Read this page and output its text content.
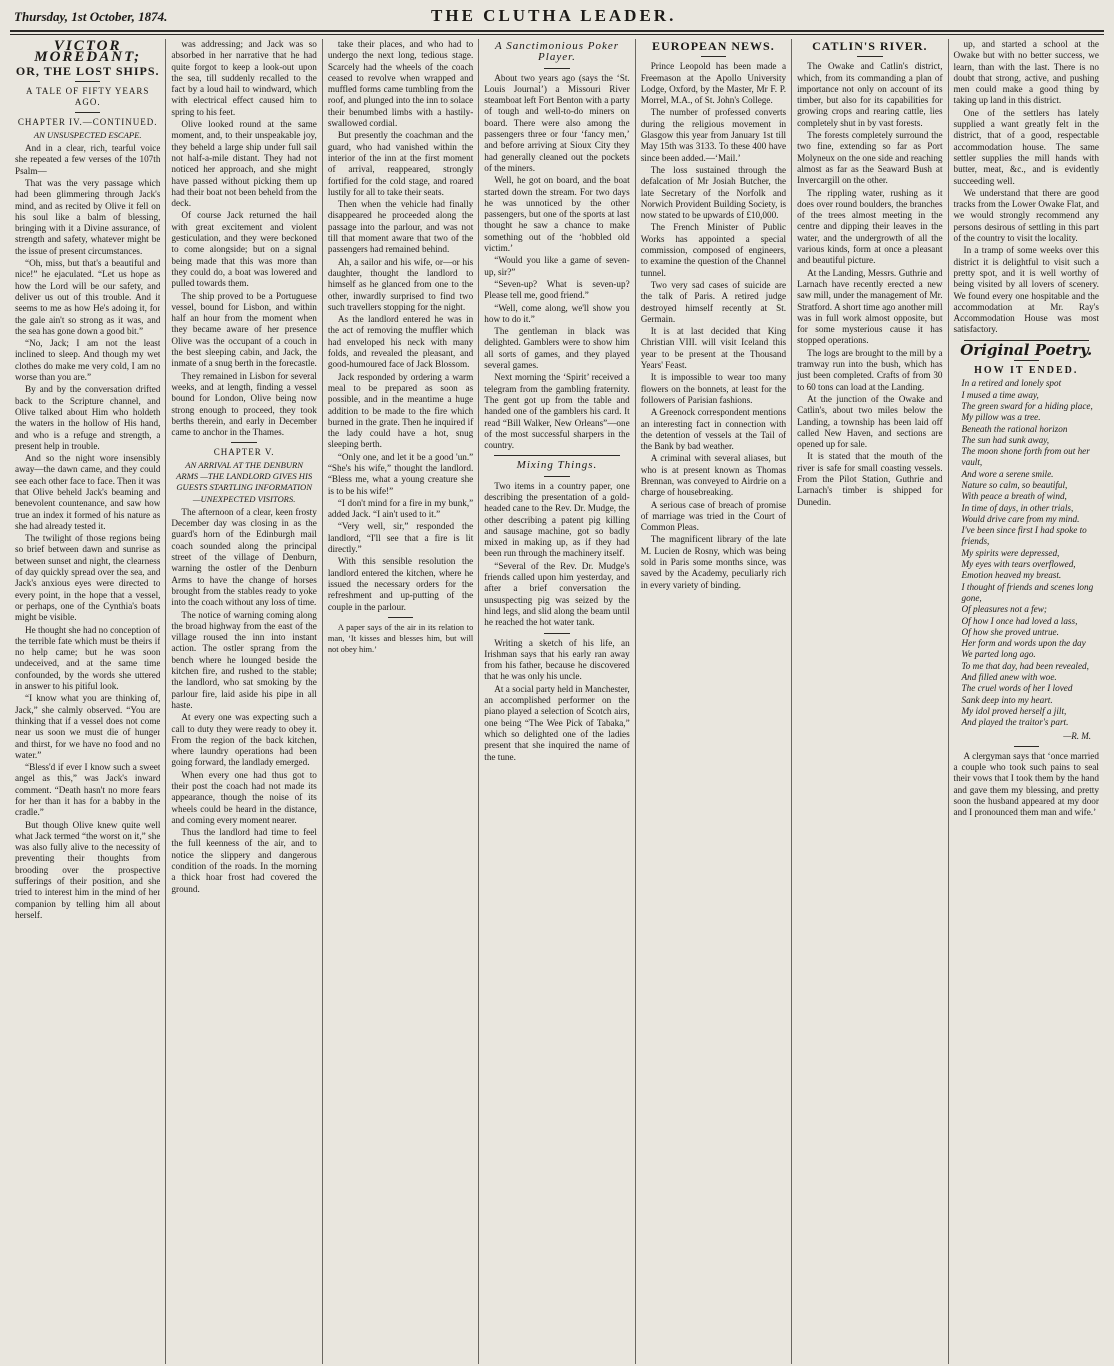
Thursday, 1st October, 1874.	THE CLUTHA LEADER.
VICTOR MOREDANT;
OR, THE LOST SHIPS.
A TALE OF FIFTY YEARS AGO.
CHAPTER IV.—CONTINUED.
AN UNSUSPECTED ESCAPE.

And in a clear, rich, tearful voice she repeated a few verses of the 107th Psalm—

That was the very passage which had been glimmering through Jack's mind, and as recited by Olive it fell on his soul like a balm of blessing, bringing with it a Divine assurance, of strength and safety, whatever might be the issue of present circumstances.

“Oh, miss, but that's a beautiful and nice!” he ejaculated. “Let us hope as how the Lord will be our safety, and deliver us out of this trouble. And it seems to me as how He's adoing it, for the gale ain't so strong as it was, and the sea has gone down a good bit.”

“No, Jack; I am not the least inclined to sleep. And though my wet clothes do make me very cold, I am no worse than you are.”

By and by the conversation drifted back to the Scripture channel, and Olive talked about Him who holdeth the waters in the hollow of His hand, and who is a refuge and strength, a present help in trouble.

And so the night wore insensibly away—the dawn came, and they could see each other face to face. Then it was that Olive beheld Jack's beaming and benevolent countenance, and saw how true an index it formed of his nature as she had already tested it.

The twilight of those regions being so brief between dawn and sunrise as between sunset and night, the clearness of day quickly spread over the sea, and Jack's anxious eyes were directed to every point, in the hope that a vessel, or perhaps, one of the Cynthia's boats might be visible.

He thought she had no conception of the terrible fate which must be theirs if no help came; but he was soon undeceived, and at the same time confounded, by the words she uttered in answer to his pitiful look.

“I know what you are thinking of, Jack,” she calmly observed. “You are thinking that if a vessel does not come near us soon we must die of hunger and thirst, for we have no food and no water.”

“Bless'd if ever I know such a sweet angel as this,” was Jack's inward comment. “Death hasn't no more fears for her than it has for a babby in the cradle.”

But though Olive knew quite well what Jack termed “the worst on it,” she was also fully alive to the necessity of preventing their thoughts from brooding over the prospective sufferings of their position, and she tried to interest him in the mind of her companion by telling him all about herself.

was addressing; and Jack was so absorbed in her narrative that he had quite forgot to keep a look-out upon the sea, till suddenly recalled to the fact by a loud hail to windward, which with electrical effect caused him to spring to his feet.

Olive looked round at the same moment, and, to their unspeakable joy, they beheld a large ship under full sail not half-a-mile distant. They had not noticed her approach, and she might have passed without picking them up had their boat not been beheld from the deck.

Of course Jack returned the hail with great excitement and violent gesticulation, and they were beckoned to come alongside; but on a signal being made that this was more than they could do, a boat was lowered and pulled towards them.

The ship proved to be a Portuguese vessel, bound for Lisbon, and within half an hour from the moment when they became aware of her presence Olive was the occupant of a couch in the best sleeping cabin, and Jack, the inmate of a snug berth in the forecastle.

They remained in Lisbon for several weeks, and at length, finding a vessel bound for London, Olive being now strong enough to proceed, they took berths therein, and early in December came to anchor in the Thames.

CHAPTER V.
AN ARRIVAL AT THE DENBURN ARMS —THE LANDLORD GIVES HIS GUESTS STARTLING INFORMATION—UNEXPECTED VISITORS.

The afternoon of a clear, keen frosty December day was closing in as the guard's horn of the Edinburgh mail coach sounded along the principal street of the village of Denburn, warning the ostler of the Denburn Arms to have the change of horses brought from the stables ready to yoke into the coach without any loss of time.

The notice of warning coming along the broad highway from the east of the village roused the inn into instant action. The ostler sprang from the bench where he lounged beside the kitchen fire, and rushed to the stable; the landlord, who sat smoking by the parlour fire, laid aside his pipe in all haste.

At every one was expecting such a call to duty they were ready to obey it. From the region of the back kitchen, where laundry operations had been going forward, the landlady emerged.

When every one had thus got to their post the coach had not made its appearance, though the noise of its wheels could be heard in the distance, and coming every moment nearer.

Thus the landlord had time to feel the full keenness of the air, and to notice the slippery and dangerous condition of the roads. In the morning a thick hoar frost had covered the ground.

take their places, and who had to undergo the next long, tedious stage. Scarcely had the wheels of the coach ceased to revolve when wrapped and muffled forms came tumbling from the roof, and plunged into the inn to solace their benumbed limbs with a hastily-swallowed cordial.

But presently the coachman and the guard, who had vanished within the interior of the inn at the first moment of arrival, reappeared, strongly fortified for the cold stage, and roared lustily for all to take their seats.

Then when the vehicle had finally disappeared he proceeded along the passage into the parlour, and was not till that moment aware that two of the passengers had remained behind.

Ah, a sailor and his wife, or—or his daughter, thought the landlord to himself as he glanced from one to the other, inwardly surprised to find two such travellers stopping for the night.

As the landlord entered he was in the act of removing the muffler which had enveloped his neck with many folds, and revealed the pleasant, and good-humoured face of Jack Blossom.

Jack responded by ordering a warm meal to be prepared as soon as possible, and in the meantime a huge addition to be made to the fire which burned in the grate. Then he inquired if the lady could have a hot, snug sleeping berth.

“Only one, and let it be a good 'un.” “She's his wife,” thought the landlord. “Bless me, what a young creature she is to be his wife!”

“I don't mind for a fire in my bunk,” added Jack. “I ain't used to it.”

“Very well, sir,” responded the landlord, “I'll see that a fire is lit directly.”

With this sensible resolution the landlord entered the kitchen, where he issued the necessary orders for the refreshment and up-putting of the couple in the parlour.

A paper says of the air in its relation to man, ‘It kisses and blesses him, but will not obey him.’

A Sanctimonious Poker Player.

About two years ago (says the ‘St. Louis Journal’) a Missouri River steamboat left Fort Benton with a party of tough and well-to-do miners on board. There were also among the passengers three or four ‘fancy men,’ and before arriving at Sioux City they had generally cleaned out the pockets of the miners.

Well, he got on board, and the boat started down the stream. For two days he was unnoticed by the other passengers, but one of the sports at last thought he saw a chance to make something out of the ‘hobbled old victim.’

“Would you like a game of seven-up, sir?”

“Seven-up? What is seven-up? Please tell me, good friend.”

“Well, come along, we'll show you how to do it.”

The gentleman in black was delighted. Gamblers were to show him all sorts of games, and they played several games.

Next morning the ‘Spirit’ received a telegram from the gambling fraternity. The gent got up from the table and handed one of the gamblers his card. It read “Bill Walker, New Orleans”—one of the most successful sharpers in the country.

Mixing Things.

Two items in a country paper, one describing the presentation of a gold-headed cane to the Rev. Dr. Mudge, the other describing a patent pig killing and sausage machine, got so badly mixed in making up, as if they had been run through the machinery itself.

“Several of the Rev. Dr. Mudge's friends called upon him yesterday, and after a brief conversation the unsuspecting pig was seized by the hind legs, and slid along the beam until he reached the hot water tank.

Writing a sketch of his life, an Irishman says that his early ran away from his father, because he discovered that he was only his uncle.

At a social party held in Manchester, an accomplished performer on the piano played a selection of Scotch airs, one being “The Wee Pick of Tabaka,” which so delighted one of the ladies present that she inquired the name of the tune.

EUROPEAN NEWS.

Prince Leopold has been made a Freemason at the Apollo University Lodge, Oxford, by the Master, Mr F. P. Morrel, M.A., of St. John's College.

The number of professed converts during the religious movement in Glasgow this year from January 1st till May 15th was 3133. To these 400 have since been added.—‘Mail.’

The loss sustained through the defalcation of Mr Josiah Butcher, the late Secretary of the Norfolk and Norwich Provident Building Society, is now stated to be upwards of £10,000.

The French Minister of Public Works has appointed a special commission, composed of engineers, to examine the question of the Channel tunnel.

Two very sad cases of suicide are the talk of Paris. A retired judge destroyed himself recently at St. Germain.

It is at last decided that King Christian VIII. will visit Iceland this year to be present at the Thousand Years' Feast.

It is impossible to wear too many flowers on the bonnets, at least for the followers of Parisian fashions.

A Greenock correspondent mentions an interesting fact in connection with the detention of vessels at the Tail of the Bank by bad weather.

A criminal with several aliases, but who is at present known as Thomas Brennan, was conveyed to Airdrie on a charge of housebreaking.

A serious case of breach of promise of marriage was tried in the Court of Common Pleas.

The magnificent library of the late M. Lucien de Rosny, which was being sold in Paris some months since, was saved by the Academy, peculiarly rich in every variety of binding.

CATLIN'S RIVER.

The Owake and Catlin's district, which, from its commanding a plan of importance not only on account of its timber, but also for its capabilities for growing crops and rearing cattle, lies completely shut in by vast forests.

The forests completely surround the two fine, extending so far as Port Molyneux on the one side and reaching almost as far as the Seaward Bush at Invercargill on the other.

The rippling water, rushing as it does over round boulders, the branches of the trees almost meeting in the centre and dipping their leaves in the water, and the undergrowth of all the various kinds, form at once a pleasant and beautiful picture.

At the Landing, Messrs. Guthrie and Larnach have recently erected a new saw mill, under the management of Mr. Stratford. A short time ago another mill was in full work almost opposite, but for some mysterious cause it has stopped operations.

The logs are brought to the mill by a tramway run into the bush, which has just been completed. Crafts of from 30 to 60 tons can load at the Landing.

At the junction of the Owake and Catlin's, about two miles below the Landing, a township has been laid off called New Haven, and sections are opened up for sale.

It is stated that the mouth of the river is safe for small coasting vessels. From the Pilot Station, Guthrie and Larnach's timber is shipped for Dunedin.

up, and started a school at the Owake but with no better success, we learn, than with the last. There is no doubt that strong, active, and pushing men could make a good thing by taking up land in this district.

One of the settlers has lately supplied a want greatly felt in the district, that of a good, respectable accommodation house. The same settler supplies the mill hands with butter, meat, &c., and is evidently succeeding well.

We understand that there are good tracks from the Lower Owake Flat, and we would strongly recommend any persons desirous of settling in this part of the country to visit the locality.

In a tramp of some weeks over this district it is delightful to visit such a pretty spot, and it is well worthy of being visited by all lovers of scenery. We found every one hospitable and the accommodation at Mr. Ray's Accommodation House was most satisfactory.

Original Poetry.
HOW IT ENDED.
In a retired and lonely spot
I mused a time away,
The green sward for a hiding place,
My pillow was a tree.
Beneath the rational horizon
The sun had sunk away,
The moon shone forth from out her vault,
And wore a serene smile.
Nature so calm, so beautiful,
With peace a breath of wind,
In time of days, in other trials,
Would drive care from my mind.
I've been since first I had spoke to friends,
My spirits were depressed,
My eyes with tears overflowed,
Emotion heaved my breast.
I thought of friends and scenes long gone,
Of pleasures not a few;
Of how I once had loved a lass,
Of how she proved untrue.
Her form and words upon the day
We parted long ago.
To me that day, had been revealed,
And filled anew with woe.
The cruel words of her I loved
Sank deep into my heart.
My idol proved herself a jilt,
And played the traitor's part.
—R. M.

A clergyman says that ‘once married a couple who took such pains to seal their vows that I took them by the hand and gave them my blessing, and pretty soon the husband appeared at my door and I pronounced them man and wife.’
